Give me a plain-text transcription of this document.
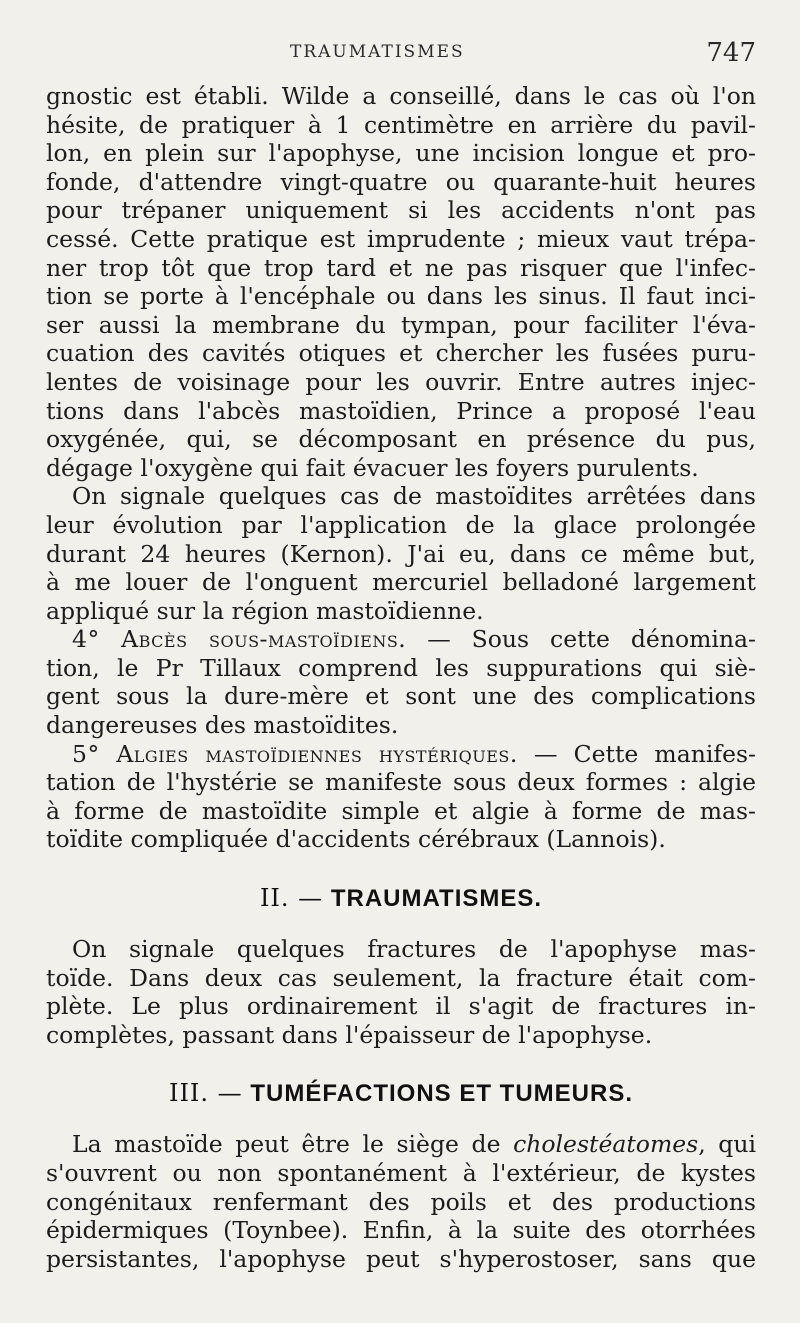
TRAUMATISMES	747

gnostic est établi. Wilde a conseillé, dans le cas où l'on

hésite, de pratiquer à 1 centimètre en arrière du pavil-

lon, en plein sur l'apophyse, une incision longue et pro-

fonde, d'attendre vingt-quatre ou quarante-huit heures

pour trépaner uniquement si les accidents n'ont pas

cessé. Cette pratique est imprudente ; mieux vaut trépa-

ner trop tôt que trop tard et ne pas risquer que l'infec-

tion se porte à l'encéphale ou dans les sinus. Il faut inci-

ser aussi la membrane du tympan, pour faciliter l'éva-

cuation des cavités otiques et chercher les fusées puru-

lentes de voisinage pour les ouvrir. Entre autres injec-

tions dans l'abcès mastoïdien, Prince a proposé l'eau

oxygénée, qui, se décomposant en présence du pus,

dégage l'oxygène qui fait évacuer les foyers purulents.

On signale quelques cas de mastoïdites arrêtées dans

leur évolution par l'application de la glace prolongée

durant 24 heures (Kernon). J'ai eu, dans ce même but,

à me louer de l'onguent mercuriel belladoné largement

appliqué sur la région mastoïdienne.

4° Abcès sous-mastoïdiens. — Sous cette dénomina-

tion, le Pr Tillaux comprend les suppurations qui siè-

gent sous la dure-mère et sont une des complications

dangereuses des mastoïdites.

5° Algies mastoïdiennes hystériques. — Cette manifes-

tation de l'hystérie se manifeste sous deux formes : algie

à forme de mastoïdite simple et algie à forme de mas-

toïdite compliquée d'accidents cérébraux (Lannois).

II. — TRAUMATISMES.

On signale quelques fractures de l'apophyse mas-

toïde. Dans deux cas seulement, la fracture était com-

plète. Le plus ordinairement il s'agit de fractures in-

complètes, passant dans l'épaisseur de l'apophyse.

III. — TUMÉFACTIONS ET TUMEURS.

La mastoïde peut être le siège de cholestéatomes, qui

s'ouvrent ou non spontanément à l'extérieur, de kystes

congénitaux renfermant des poils et des productions

épidermiques (Toynbee). Enfin, à la suite des otorrhées

persistantes, l'apophyse peut s'hyperostoser, sans que
